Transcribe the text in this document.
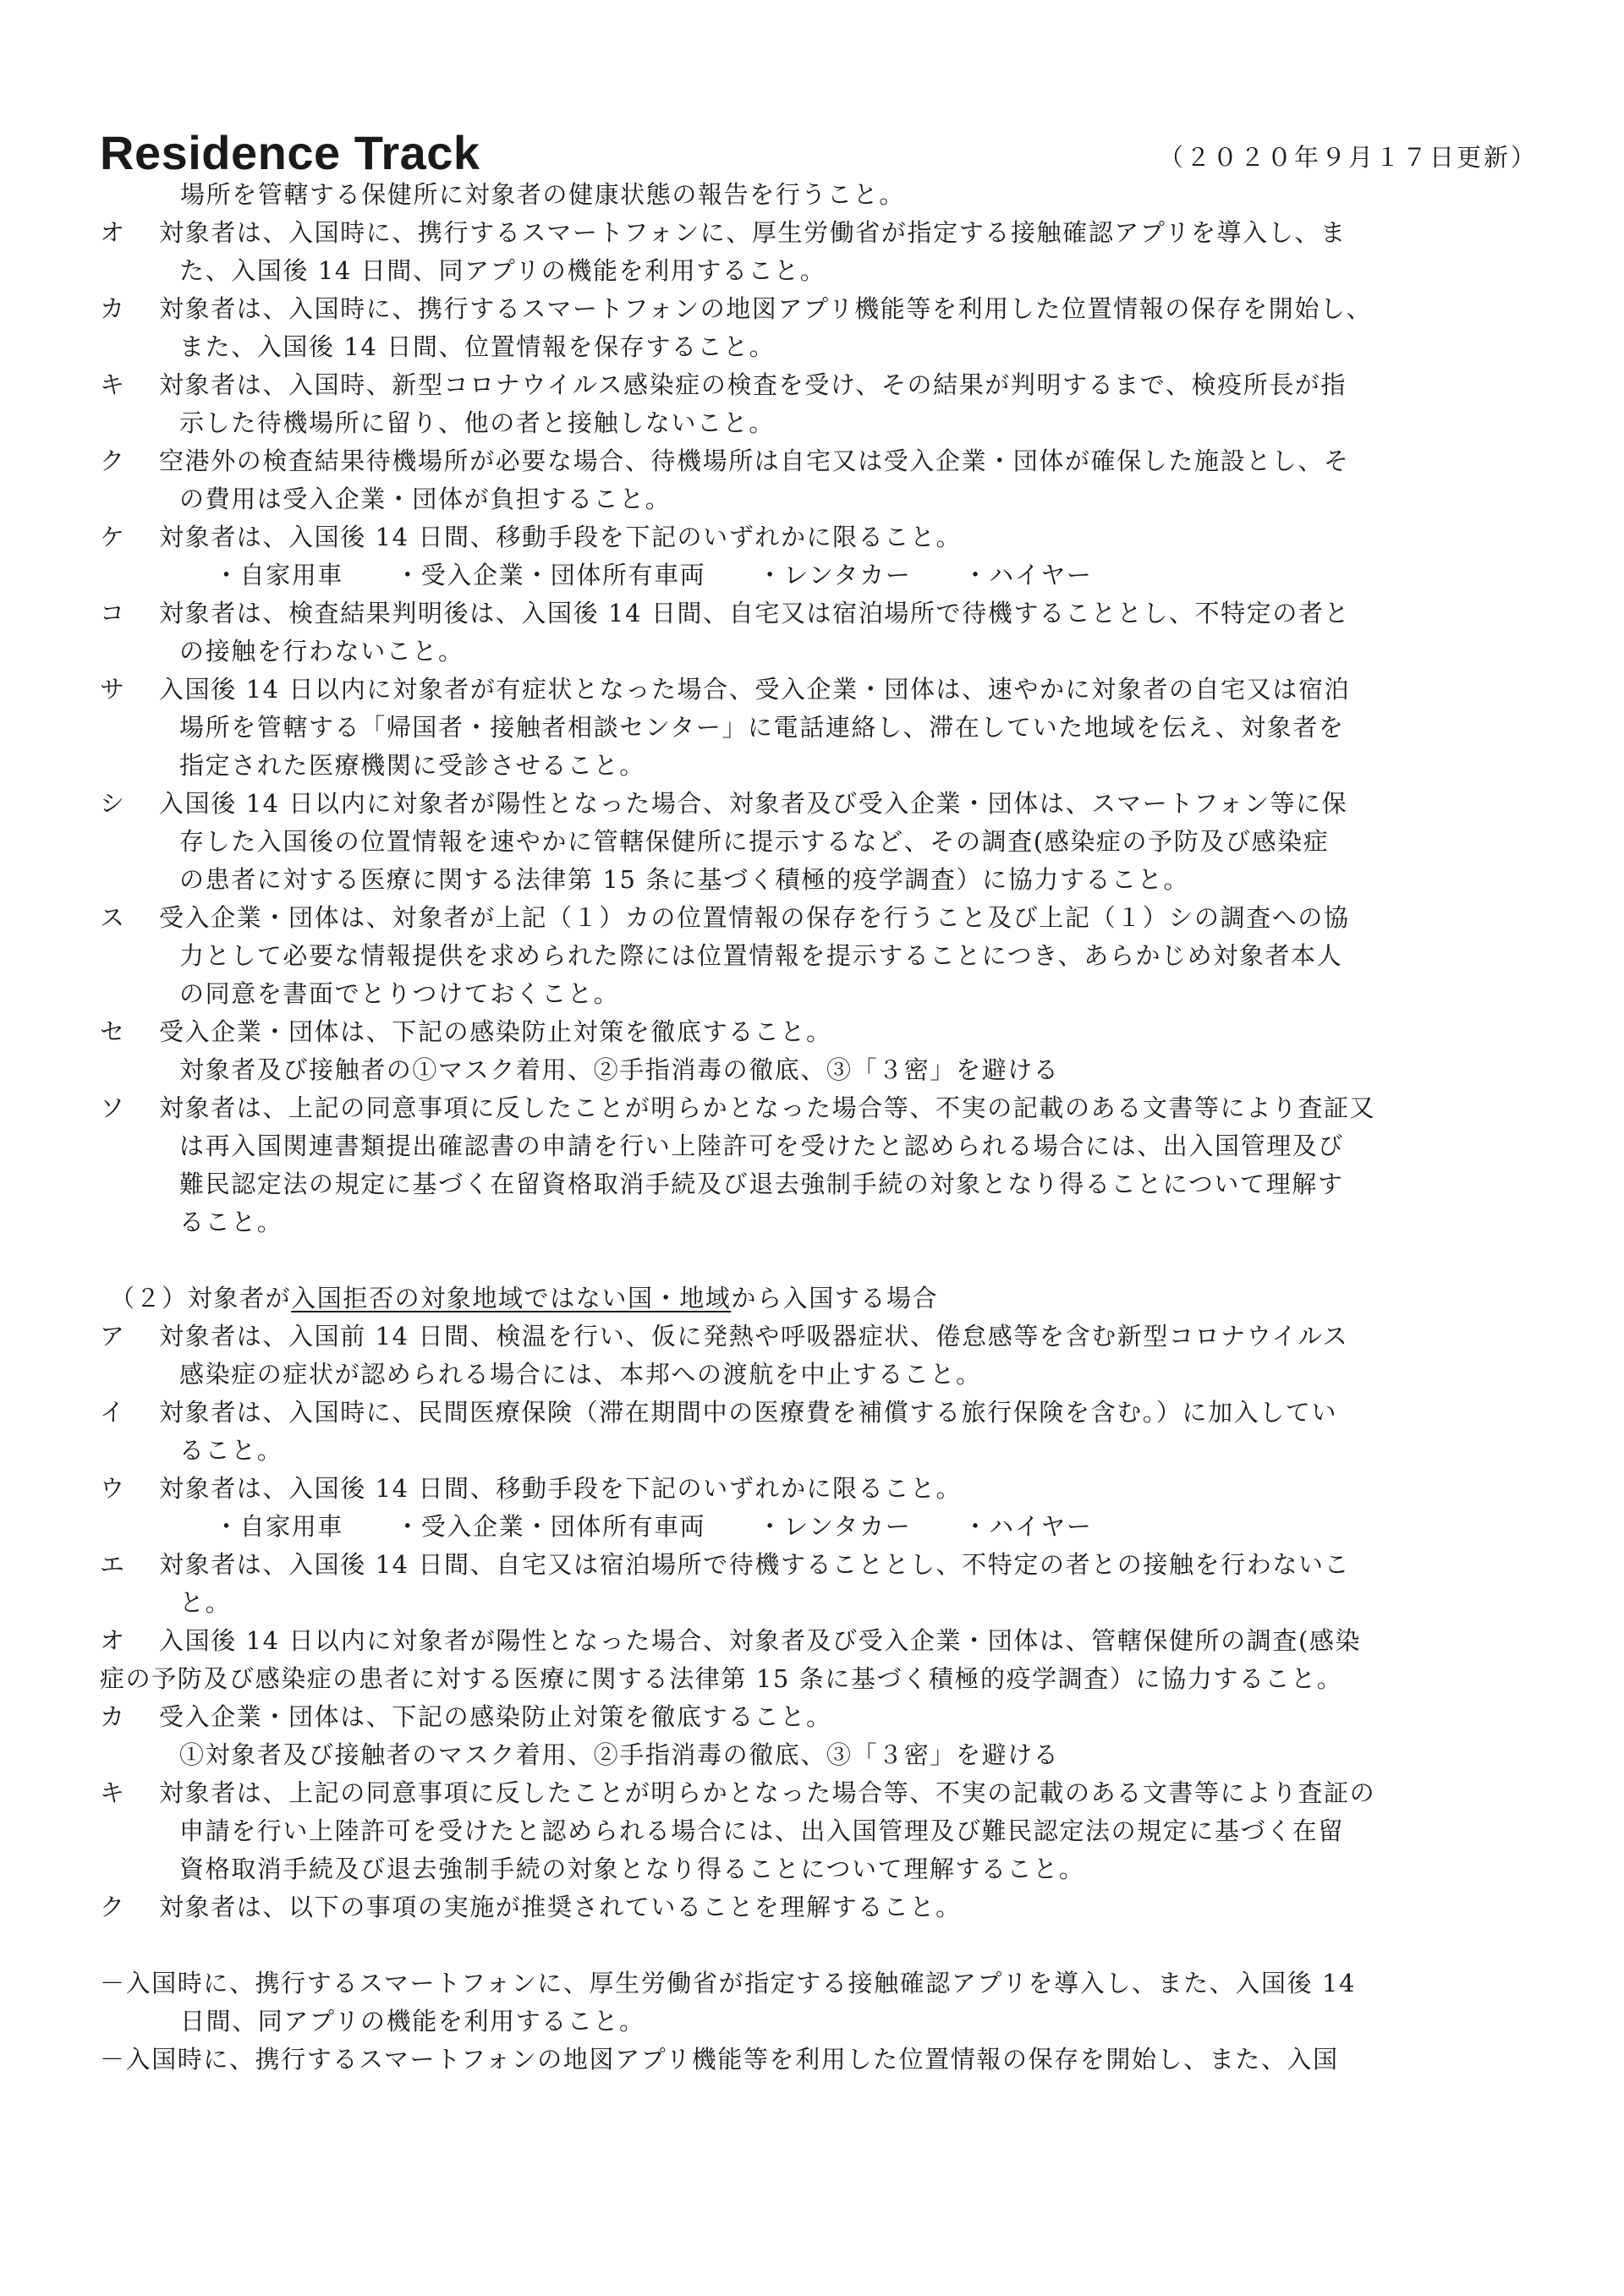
Residence Track	（２０２０年９月１７日更新）
場所を管轄する保健所に対象者の健康状態の報告を行うこと。
オ 対象者は、入国時に、携行するスマートフォンに、厚生労働省が指定する接触確認アプリを導入し、ま
た、入国後 14 日間、同アプリの機能を利用すること。
カ 対象者は、入国時に、携行するスマートフォンの地図アプリ機能等を利用した位置情報の保存を開始し、
また、入国後 14 日間、位置情報を保存すること。
キ 対象者は、入国時、新型コロナウイルス感染症の検査を受け、その結果が判明するまで、検疫所長が指
示した待機場所に留り、他の者と接触しないこと。
ク 空港外の検査結果待機場所が必要な場合、待機場所は自宅又は受入企業・団体が確保した施設とし、そ
の費用は受入企業・団体が負担すること。
ケ 対象者は、入国後 14 日間、移動手段を下記のいずれかに限ること。
・自家用車　　・受入企業・団体所有車両　　・レンタカー　　・ハイヤー
コ 対象者は、検査結果判明後は、入国後 14 日間、自宅又は宿泊場所で待機することとし、不特定の者と
の接触を行わないこと。
サ 入国後 14 日以内に対象者が有症状となった場合、受入企業・団体は、速やかに対象者の自宅又は宿泊
場所を管轄する「帰国者・接触者相談センター」に電話連絡し、滞在していた地域を伝え、対象者を
指定された医療機関に受診させること。
シ 入国後 14 日以内に対象者が陽性となった場合、対象者及び受入企業・団体は、スマートフォン等に保
存した入国後の位置情報を速やかに管轄保健所に提示するなど、その調査(感染症の予防及び感染症
の患者に対する医療に関する法律第 15 条に基づく積極的疫学調査）に協力すること。
ス 受入企業・団体は、対象者が上記（１）カの位置情報の保存を行うこと及び上記（１）シの調査への協
力として必要な情報提供を求められた際には位置情報を提示することにつき、あらかじめ対象者本人
の同意を書面でとりつけておくこと。
セ 受入企業・団体は、下記の感染防止対策を徹底すること。
対象者及び接触者の①マスク着用、②手指消毒の徹底、③「３密」を避ける
ソ 対象者は、上記の同意事項に反したことが明らかとなった場合等、不実の記載のある文書等により査証又
は再入国関連書類提出確認書の申請を行い上陸許可を受けたと認められる場合には、出入国管理及び
難民認定法の規定に基づく在留資格取消手続及び退去強制手続の対象となり得ることについて理解す
ること。
（２）対象者が入国拒否の対象地域ではない国・地域から入国する場合
ア 対象者は、入国前 14 日間、検温を行い、仮に発熱や呼吸器症状、倦怠感等を含む新型コロナウイルス
感染症の症状が認められる場合には、本邦への渡航を中止すること。
イ 対象者は、入国時に、民間医療保険（滞在期間中の医療費を補償する旅行保険を含む。）に加入してい
ること。
ウ 対象者は、入国後 14 日間、移動手段を下記のいずれかに限ること。
・自家用車　　・受入企業・団体所有車両　　・レンタカー　　・ハイヤー
エ 対象者は、入国後 14 日間、自宅又は宿泊場所で待機することとし、不特定の者との接触を行わないこ
と。
オ 入国後 14 日以内に対象者が陽性となった場合、対象者及び受入企業・団体は、管轄保健所の調査(感染
症の予防及び感染症の患者に対する医療に関する法律第 15 条に基づく積極的疫学調査）に協力すること。
カ 受入企業・団体は、下記の感染防止対策を徹底すること。
①対象者及び接触者のマスク着用、②手指消毒の徹底、③「３密」を避ける
キ 対象者は、上記の同意事項に反したことが明らかとなった場合等、不実の記載のある文書等により査証の
申請を行い上陸許可を受けたと認められる場合には、出入国管理及び難民認定法の規定に基づく在留
資格取消手続及び退去強制手続の対象となり得ることについて理解すること。
ク 対象者は、以下の事項の実施が推奨されていることを理解すること。
－入国時に、携行するスマートフォンに、厚生労働省が指定する接触確認アプリを導入し、また、入国後 14
日間、同アプリの機能を利用すること。
－入国時に、携行するスマートフォンの地図アプリ機能等を利用した位置情報の保存を開始し、また、入国
